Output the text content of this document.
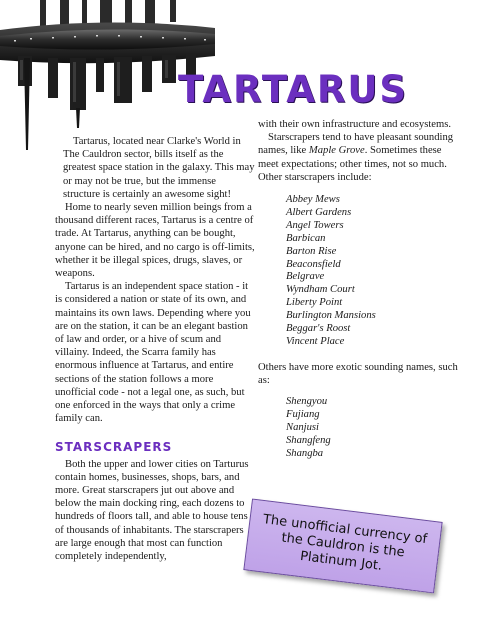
TARTARUS

Tartarus, located near Clarke's World in The Cauldron sector, bills itself as the greatest space station in the galaxy. This may or may not be true, but the immense structure is certainly an awesome sight!

Home to nearly seven million beings from a thousand different races, Tartarus is a centre of trade. At Tartarus, anything can be bought, anyone can be hired, and no cargo is off-limits, whether it be illegal spices, drugs, slaves, or weapons.

Tartarus is an independent space station - it is considered a nation or state of its own, and maintains its own laws. Depending where you are on the station, it can be an elegant bastion of law and order, or a hive of scum and villainy. Indeed, the Scarra family has enormous influence at Tartarus, and entire sections of the station follows a more unofficial code - not a legal one, as such, but one enforced in the ways that only a crime family can.

STARSCRAPERS

Both the upper and lower cities on Tarturus contain homes, businesses, shops, bars, and more. Great starscrapers jut out above and below the main docking ring, each dozens to hundreds of floors tall, and able to house tens of thousands of inhabitants. The starscrapers are large enough that most can function completely independently,

with their own infrastructure and ecosystems.

Starscrapers tend to have pleasant sounding names, like Maple Grove. Sometimes these meet expectations; other times, not so much. Other starscrapers include:

Abbey Mews
Albert Gardens
Angel Towers
Barbican
Barton Rise
Beaconsfield
Belgrave
Wyndham Court
Liberty Point
Burlington Mansions
Beggar's Roost
Vincent Place

Others have more exotic sounding names, such as:

Shengyou
Fujiang
Nanjusi
Shangfeng
Shangba
The unofficial currency of the Cauldron is the Platinum Jot.
